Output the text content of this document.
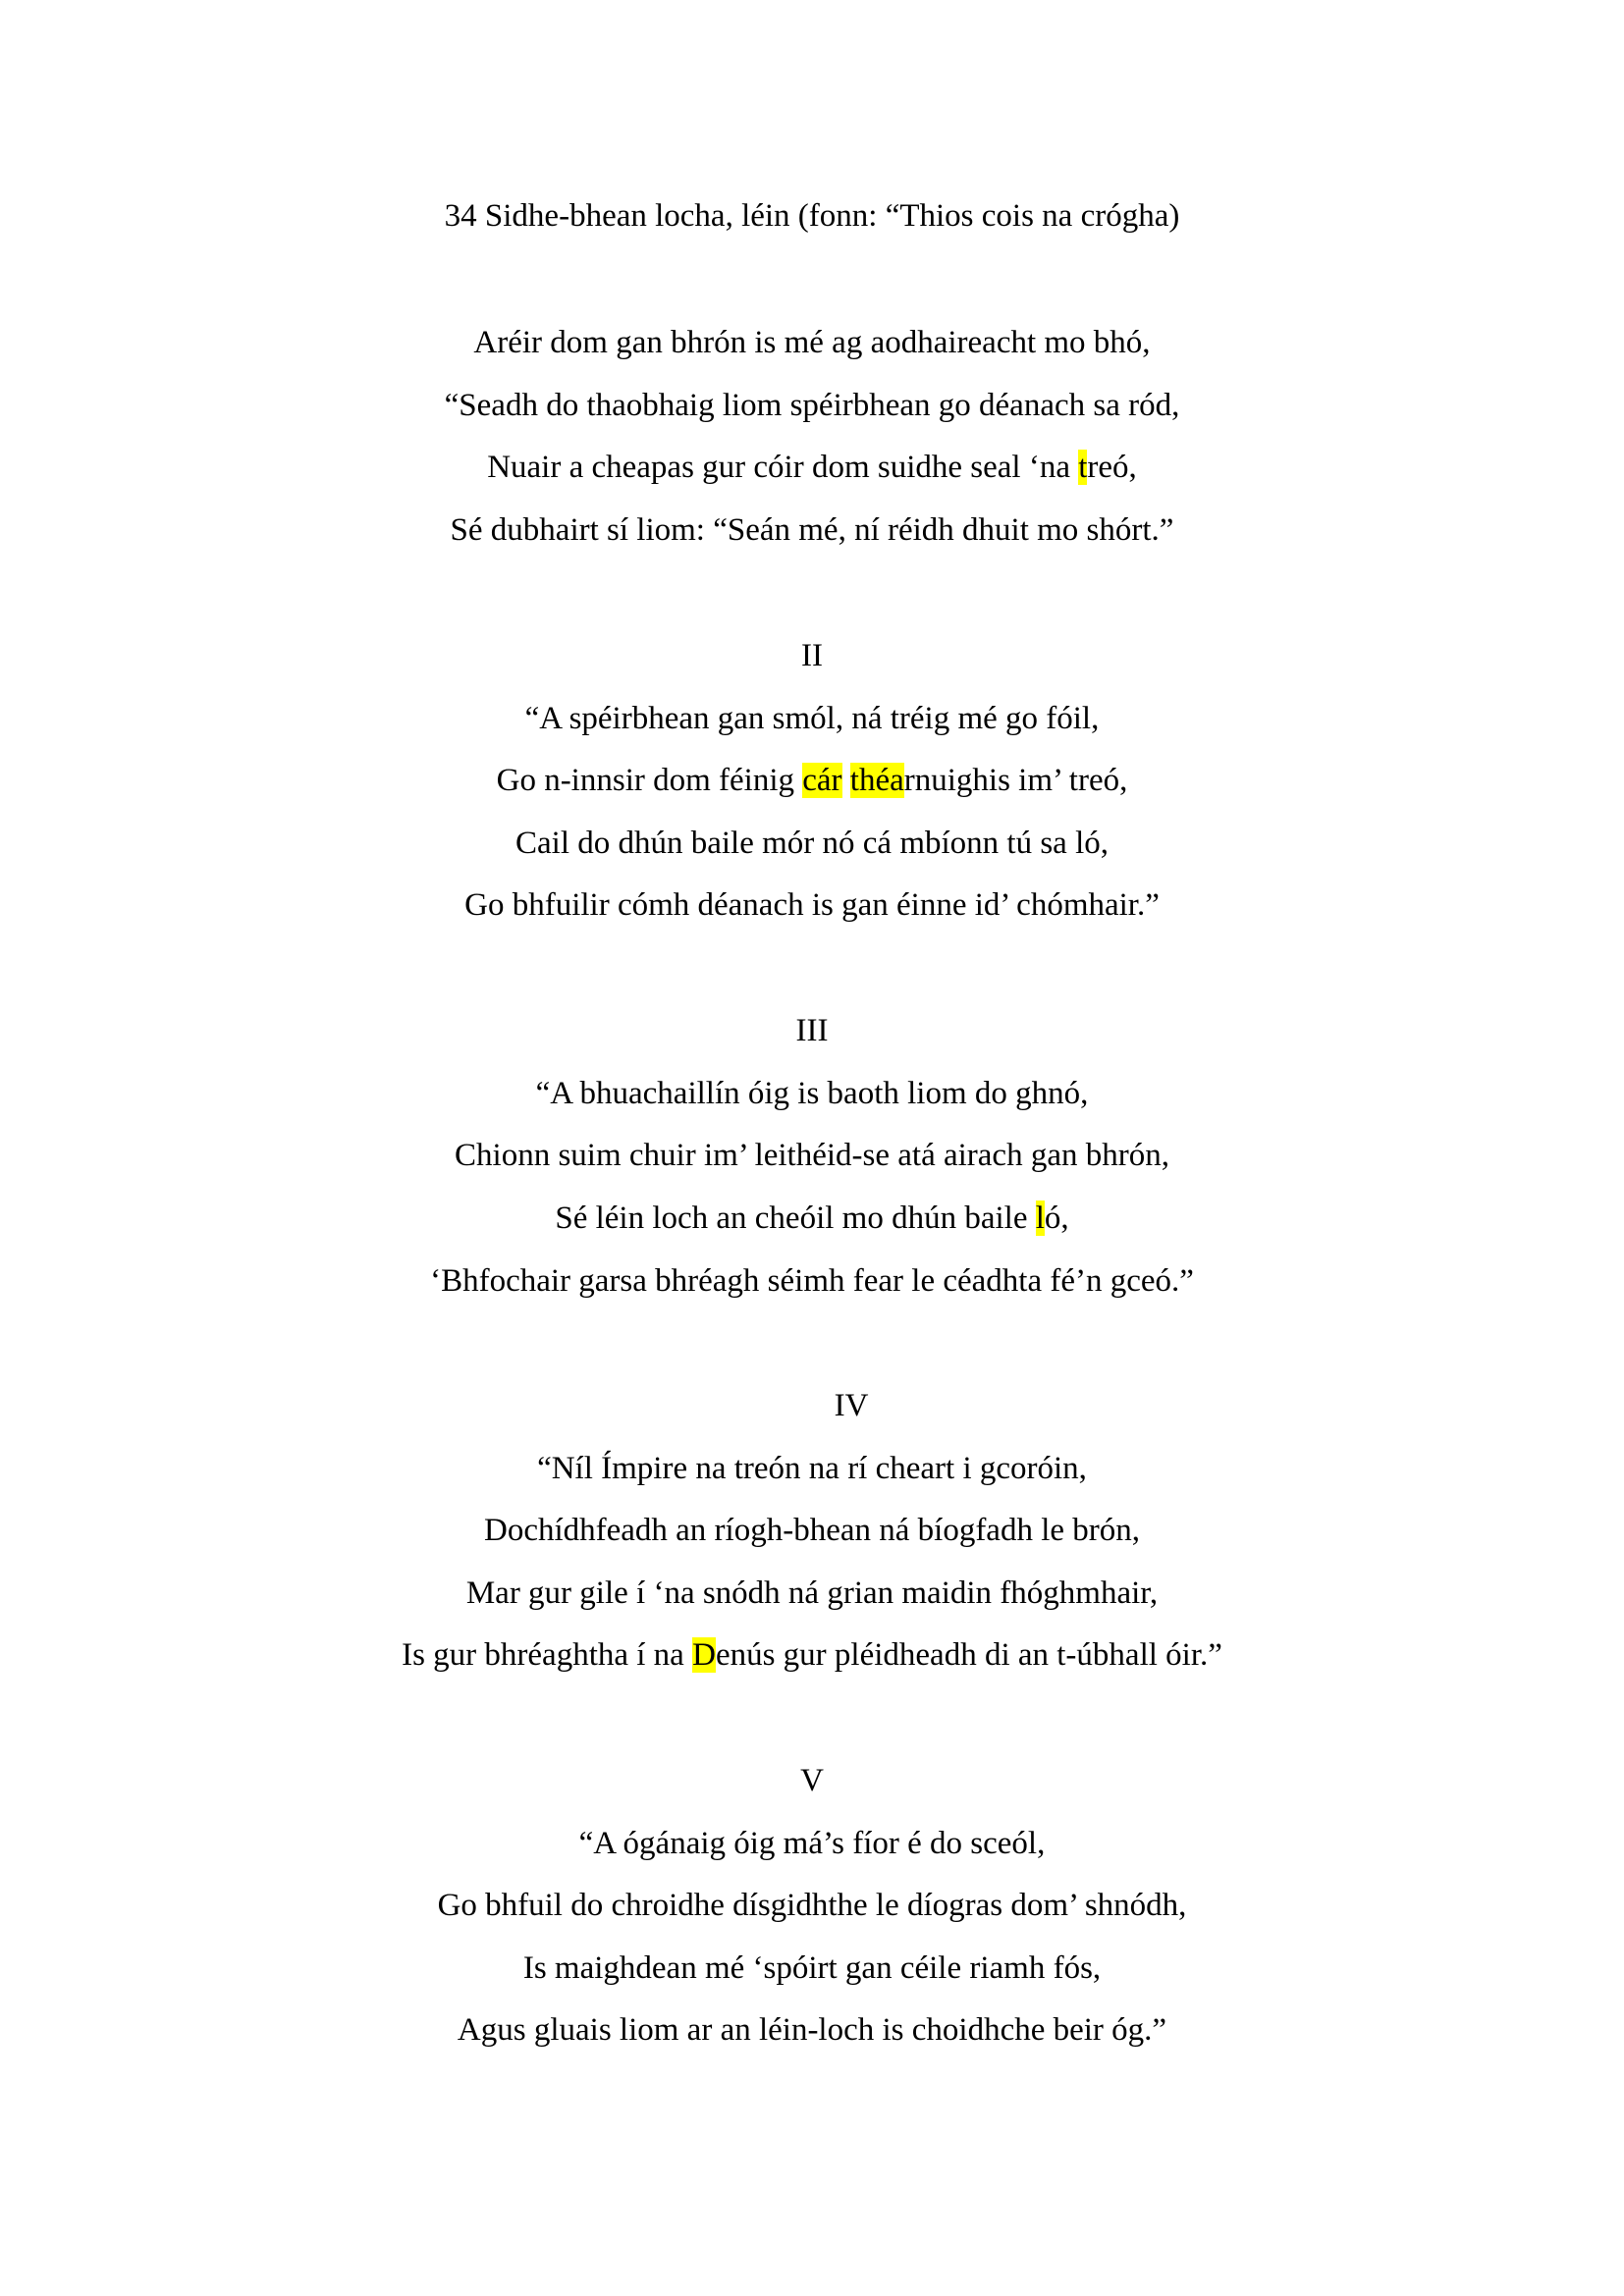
34 Sidhe-bhean locha, léin (fonn: “Thios cois na crógha)
Aréir dom gan bhrón is mé ag aodhaireacht mo bhó,
“Seadh do thaobhaig liom spéirbhean go déanach sa ród,
Nuair a cheapas gur cóir dom suidhe seal ‘na treó,
Sé dubhairt sí liom: “Seán mé, ní réidh dhuit mo shórt.”
II
“A spéirbhean gan smól, ná tréig mé go fóil,
Go n-innsir dom féinig cár théarnuighis im’ treó,
Cail do dhún baile mór nó cá mbíonn tú sa ló,
Go bhfuilir cómh déanach is gan éinne id’ chómhair.”
III
“A bhuachaillín óig is baoth liom do ghnó,
Chionn suim chuir im’ leithéid-se atá airach gan bhrón,
Sé léin loch an cheóil mo dhún baile ló,
‘Bhfochair garsa bhréagh séimh fear le céadhta fé’n gceó.”
IV
“Níl Ímpire na treón na rí cheart i gcoróin,
Dochídhfeadh an ríogh-bhean ná bíogfadh le brón,
Mar gur gile í ‘na snódh ná grian maidin fhóghmhair,
Is gur bhréaghtha í na Denús gur pléidheadh di an t-úbhall óir.”
V
“A ógánaig óig má’s fíor é do sceól,
Go bhfuil do chroidhe dísgidhthe le díogras dom’ shnódh,
Is maighdean mé ‘spóirt gan céile riamh fós,
Agus gluais liom ar an léin-loch is choidhche beir óg.”
